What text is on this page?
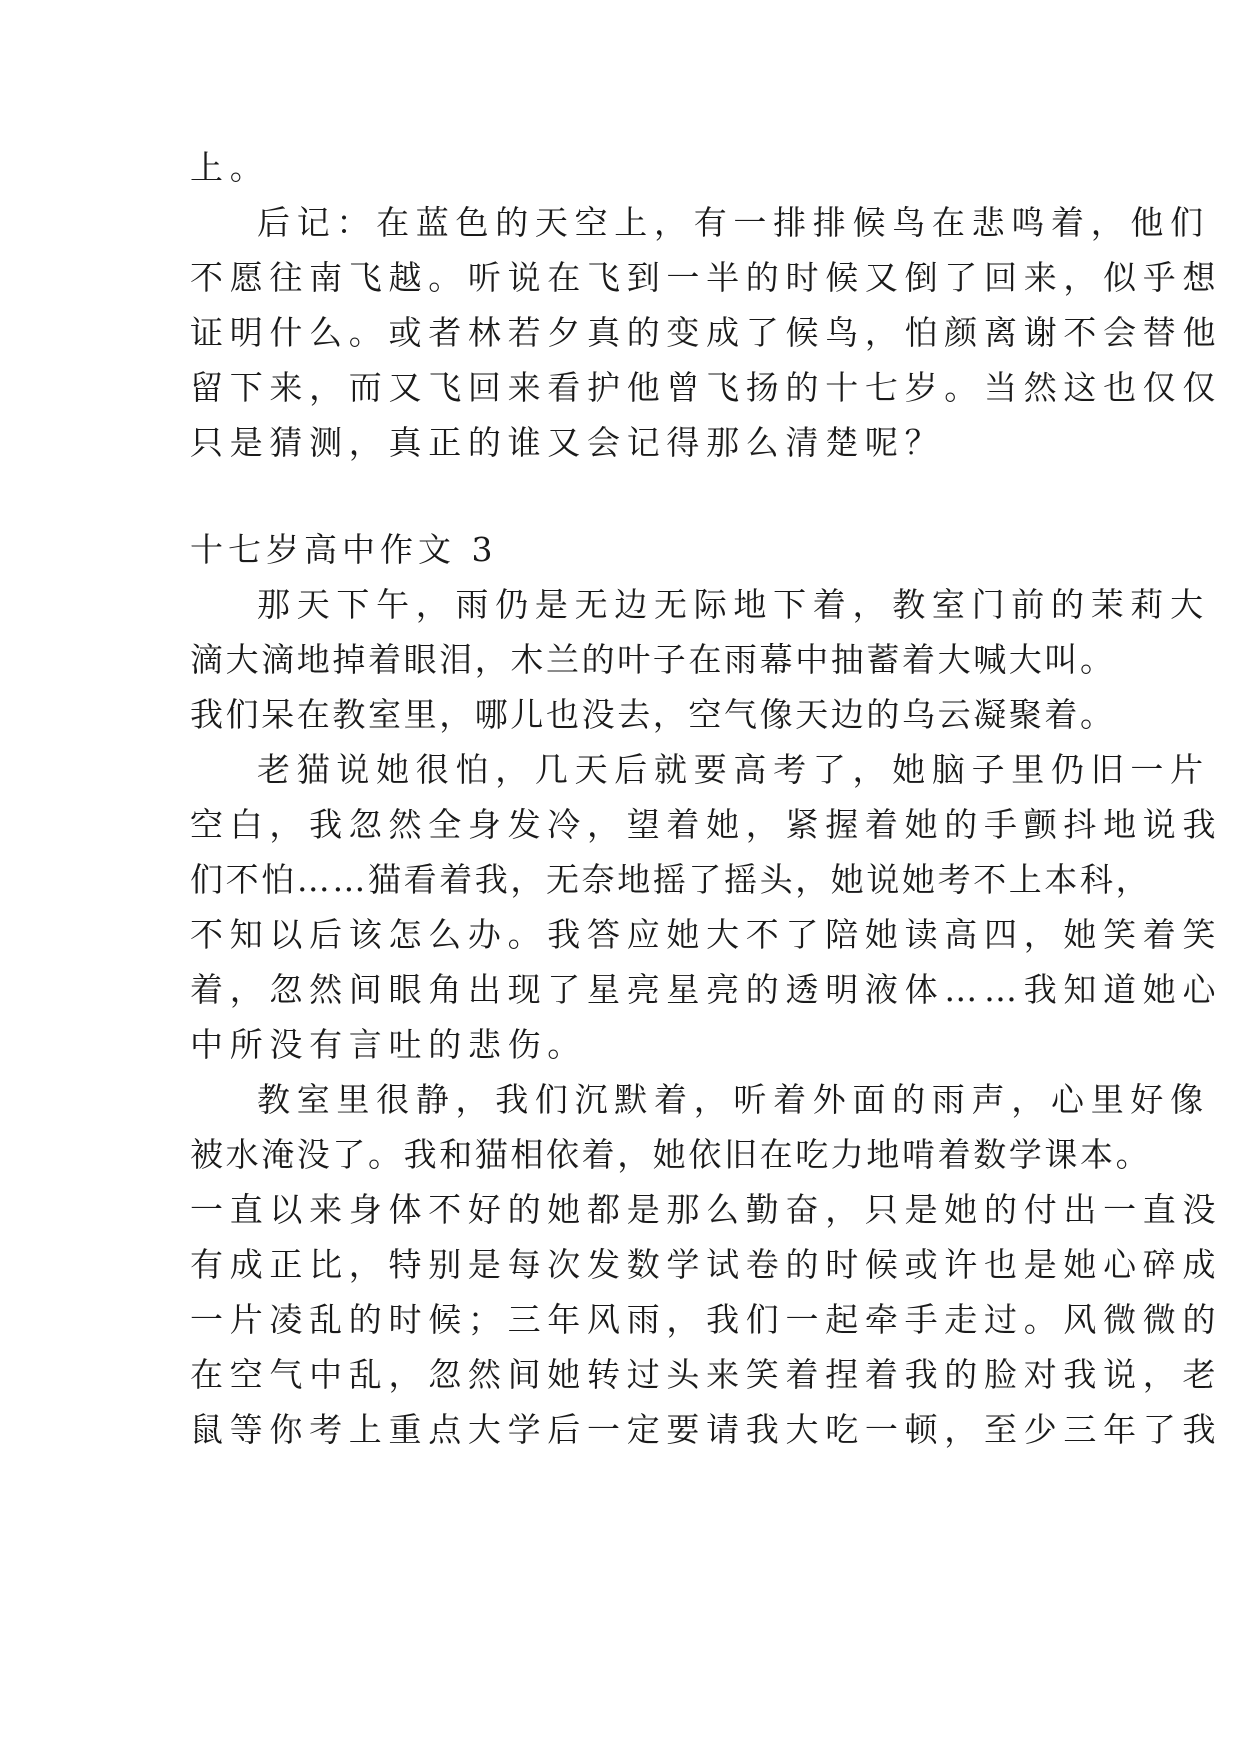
上。
后记：在蓝色的天空上，有一排排候鸟在悲鸣着，他们
不愿往南飞越。听说在飞到一半的时候又倒了回来，似乎想
证明什么。或者林若夕真的变成了候鸟，怕颜离谢不会替他
留下来，而又飞回来看护他曾飞扬的十七岁。当然这也仅仅
只是猜测，真正的谁又会记得那么清楚呢？
十七岁高中作文 3
那天下午，雨仍是无边无际地下着，教室门前的茉莉大
滴大滴地掉着眼泪，木兰的叶子在雨幕中抽蓄着大喊大叫。
我们呆在教室里，哪儿也没去，空气像天边的乌云凝聚着。
老猫说她很怕，几天后就要高考了，她脑子里仍旧一片
空白，我忽然全身发冷，望着她，紧握着她的手颤抖地说我
们不怕……猫看着我，无奈地摇了摇头，她说她考不上本科，
不知以后该怎么办。我答应她大不了陪她读高四，她笑着笑
着，忽然间眼角出现了星亮星亮的透明液体……我知道她心
中所没有言吐的悲伤。
教室里很静，我们沉默着，听着外面的雨声，心里好像
被水淹没了。我和猫相依着，她依旧在吃力地啃着数学课本。
一直以来身体不好的她都是那么勤奋，只是她的付出一直没
有成正比，特别是每次发数学试卷的时候或许也是她心碎成
一片凌乱的时候；三年风雨，我们一起牵手走过。风微微的
在空气中乱，忽然间她转过头来笑着捏着我的脸对我说，老
鼠等你考上重点大学后一定要请我大吃一顿，至少三年了我
